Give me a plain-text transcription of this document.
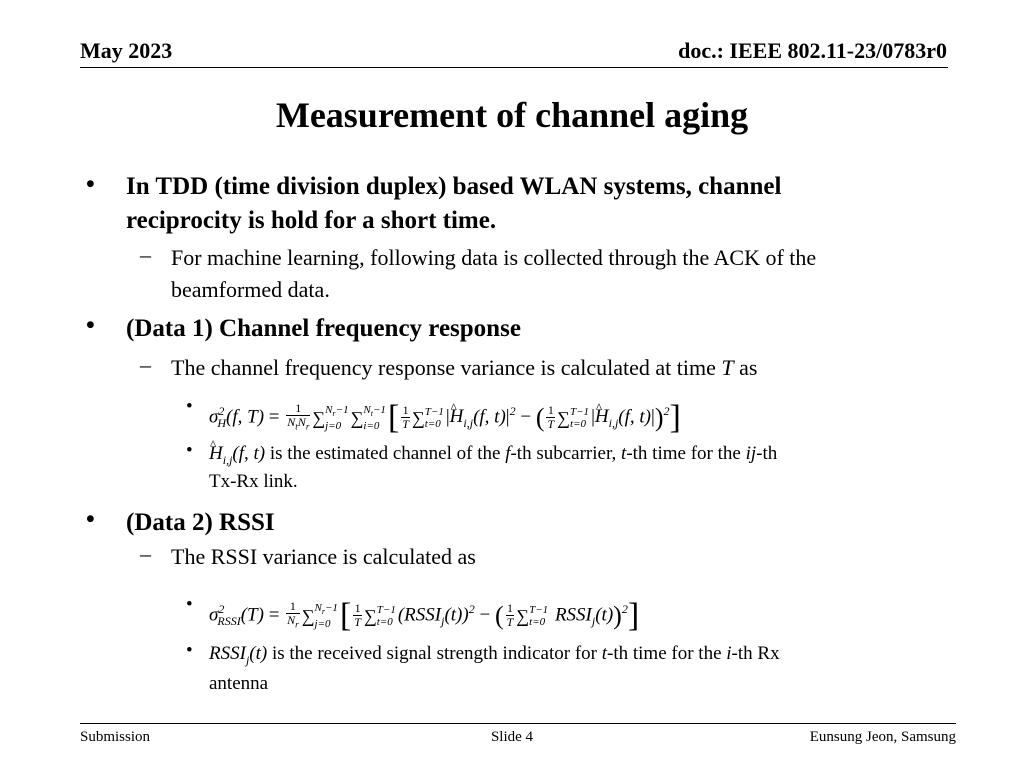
May 2023	doc.: IEEE 802.11-23/0783r0
Measurement of channel aging
• In TDD (time division duplex) based WLAN systems, channel
reciprocity is hold for a short time.
– For machine learning, following data is collected through the ACK of the
beamformed data.
• (Data 1) Channel frequency response
– The channel frequency response variance is calculated at time T as
• $\sigma^2_H(f$, $T) = \frac{1}{N_tN_r}$ ∑ $N_r-1$
j=0 ∑ $N_t-1$
i=0 [ $\frac{1}{T}$ ∑ T−1
t=0 |^ $H_{i,j}(f$, $t)|^2$ − ( $\frac{1}{T}$ ∑ T−1
t=0 |^ $H_{i,j}(f$, t)|)$^2$]
•
^ $H_{i,j}(f$, t) is the estimated channel of the f-th subcarrier, t-th time for the ij-th
Tx-Rx link.
• (Data 2) RSSI
– The RSSI variance is calculated as
• $\sigma^2_{RSSI}(T) = \frac{1}{N_r}$ ∑ $N_r-1$
j=0 [ $\frac{1}{T}$ ∑ T−1
t=0 $(RSSI_j(t))^2$ − ( $\frac{1}{T}$ ∑ T−1
t=0 $RSSI_j(t))^2$]
• $RSSI_j(t)$ is the received signal strength indicator for t-th time for the i-th Rx
antenna
Submission	Slide 4	Eunsung Jeon, Samsung
